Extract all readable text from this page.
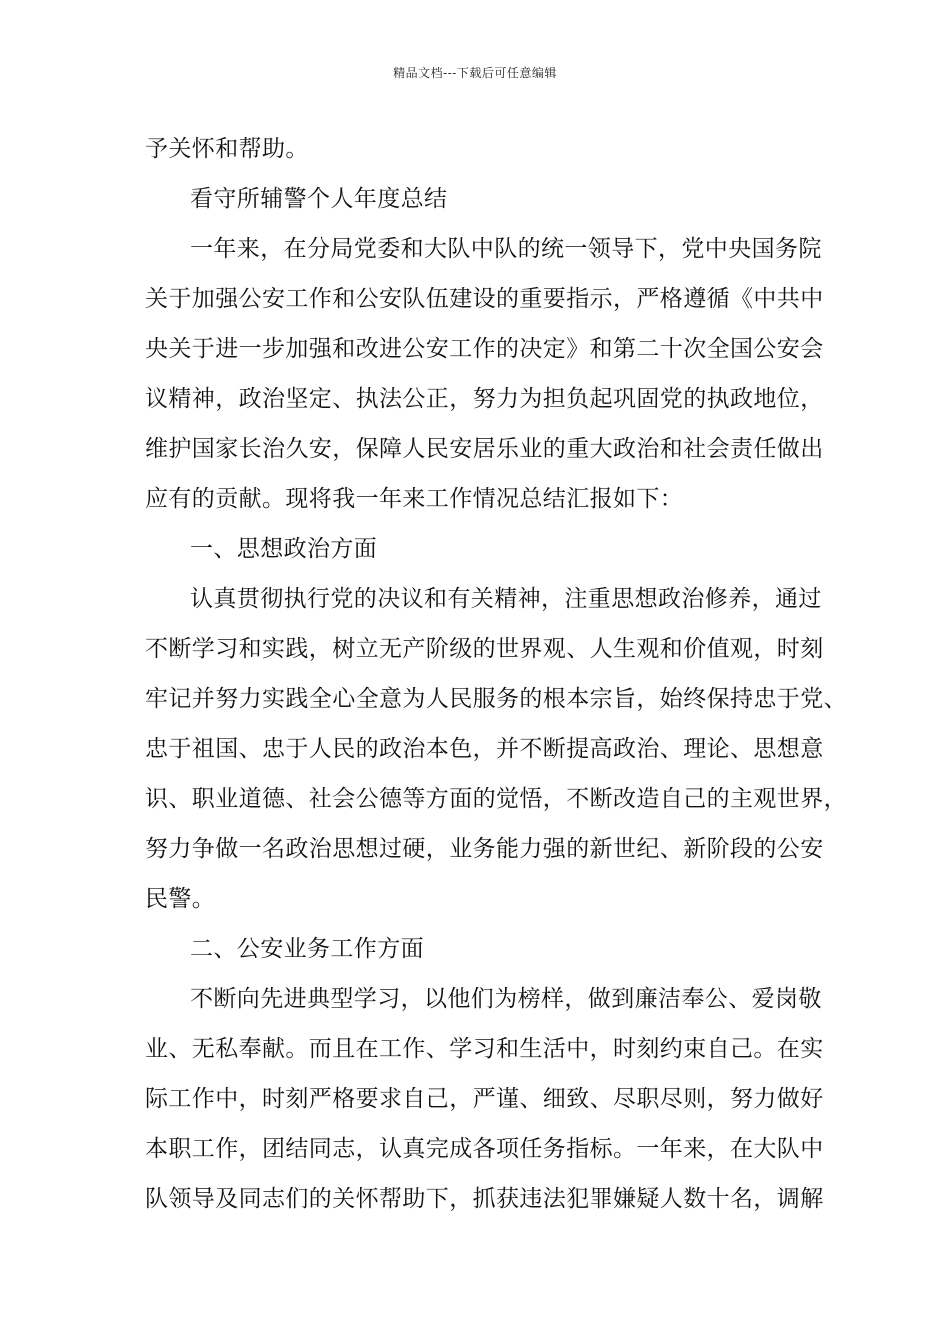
精品文档---下载后可任意编辑
予关怀和帮助。
看守所辅警个人年度总结
一年来，在分局党委和大队中队的统一领导下，党中央国务院
关于加强公安工作和公安队伍建设的重要指示，严格遵循《中共中
央关于进一步加强和改进公安工作的决定》和第二十次全国公安会
议精神，政治坚定、执法公正，努力为担负起巩固党的执政地位，
维护国家长治久安，保障人民安居乐业的重大政治和社会责任做出
应有的贡献。现将我一年来工作情况总结汇报如下：
一、思想政治方面
认真贯彻执行党的决议和有关精神，注重思想政治修养，通过
不断学习和实践，树立无产阶级的世界观、人生观和价值观，时刻
牢记并努力实践全心全意为人民服务的根本宗旨，始终保持忠于党、
忠于祖国、忠于人民的政治本色，并不断提高政治、理论、思想意
识、职业道德、社会公德等方面的觉悟，不断改造自己的主观世界，
努力争做一名政治思想过硬，业务能力强的新世纪、新阶段的公安
民警。
二、公安业务工作方面
不断向先进典型学习，以他们为榜样，做到廉洁奉公、爱岗敬
业、无私奉献。而且在工作、学习和生活中，时刻约束自己。在实
际工作中，时刻严格要求自己，严谨、细致、尽职尽则，努力做好
本职工作，团结同志，认真完成各项任务指标。一年来，在大队中
队领导及同志们的关怀帮助下，抓获违法犯罪嫌疑人数十名，调解
